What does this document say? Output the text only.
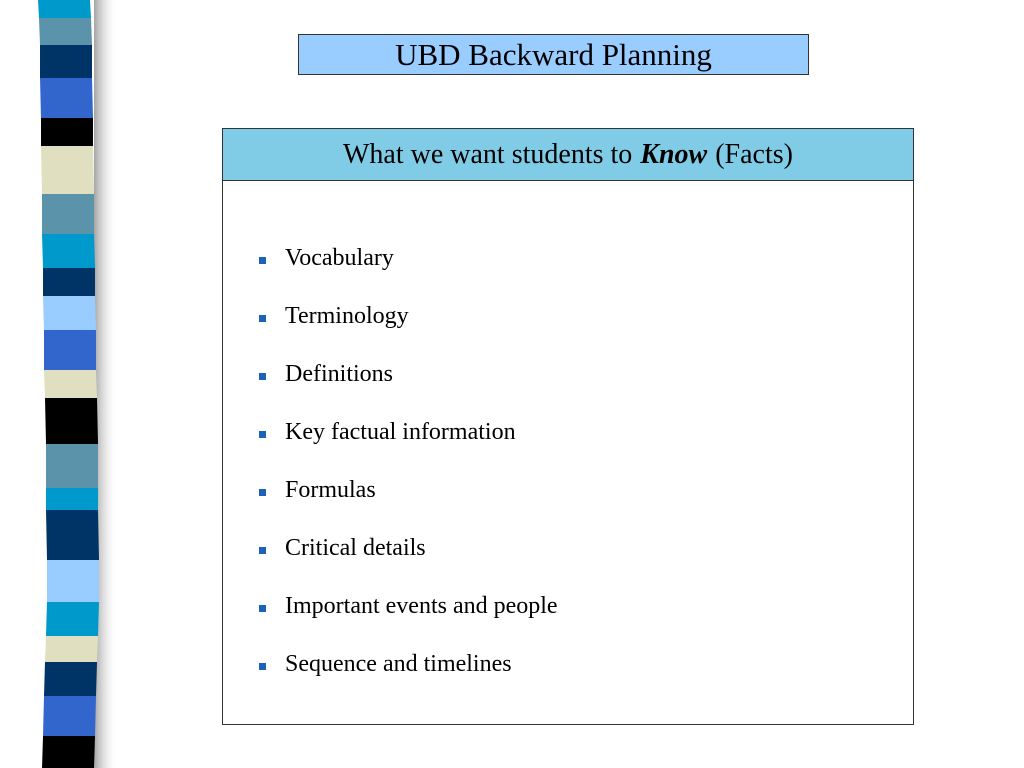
UBD Backward Planning
What we want students to Know (Facts)
Vocabulary
Terminology
Definitions
Key factual information
Formulas
Critical details
Important events and people
Sequence and timelines
